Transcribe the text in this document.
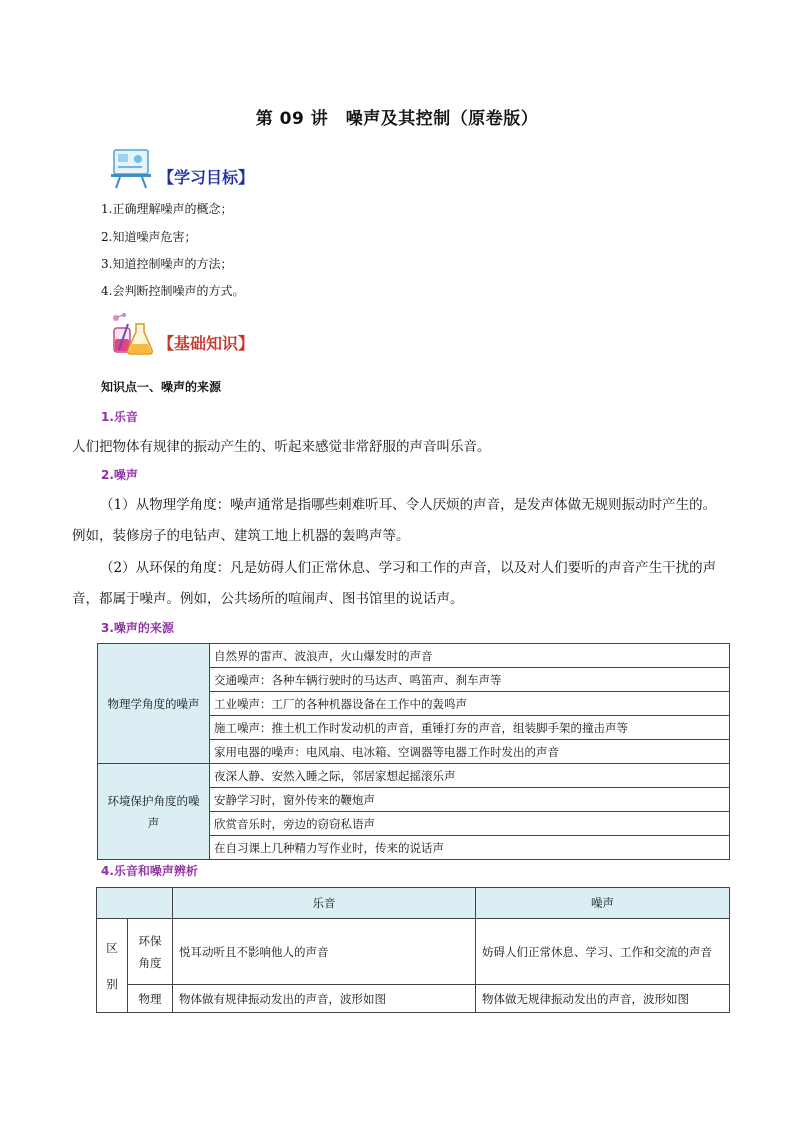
第 09 讲　噪声及其控制（原卷版）
【学习目标】
1.正确理解噪声的概念；
2.知道噪声危害；
3.知道控制噪声的方法；
4.会判断控制噪声的方式。
【基础知识】
知识点一、噪声的来源
1.乐音
人们把物体有规律的振动产生的、听起来感觉非常舒服的声音叫乐音。
2.噪声
（1）从物理学角度：噪声通常是指哪些刺难听耳、令人厌烦的声音，是发声体做无规则振动时产生的。例如，装修房子的电钻声、建筑工地上机器的轰鸣声等。
（2）从环保的角度：凡是妨碍人们正常休息、学习和工作的声音，以及对人们要听的声音产生干扰的声音，都属于噪声。例如，公共场所的喧闹声、图书馆里的说话声。
3.噪声的来源
物理学角度的噪声	自然界的雷声、波浪声，火山爆发时的声音
	交通噪声：各种车辆行驶时的马达声、鸣笛声、刹车声等
	工业噪声：工厂的各种机器设备在工作中的轰鸣声
	施工噪声：推土机工作时发动机的声音，重锤打夯的声音，组装脚手架的撞击声等
	家用电器的噪声：电风扇、电冰箱、空调器等电器工作时发出的声音
环境保护角度的噪声	夜深人静、安然入睡之际，邻居家想起摇滚乐声
	安静学习时，窗外传来的鞭炮声
	欣赏音乐时，旁边的窃窃私语声
	在自习课上几种精力写作业时，传来的说话声
4.乐音和噪声辨析
		乐音	噪声
区别	环保角度	悦耳动听且不影响他人的声音	妨碍人们正常休息、学习、工作和交流的声音
	物理	物体做有规律振动发出的声音，波形如图	物体做无规律振动发出的声音，波形如图
